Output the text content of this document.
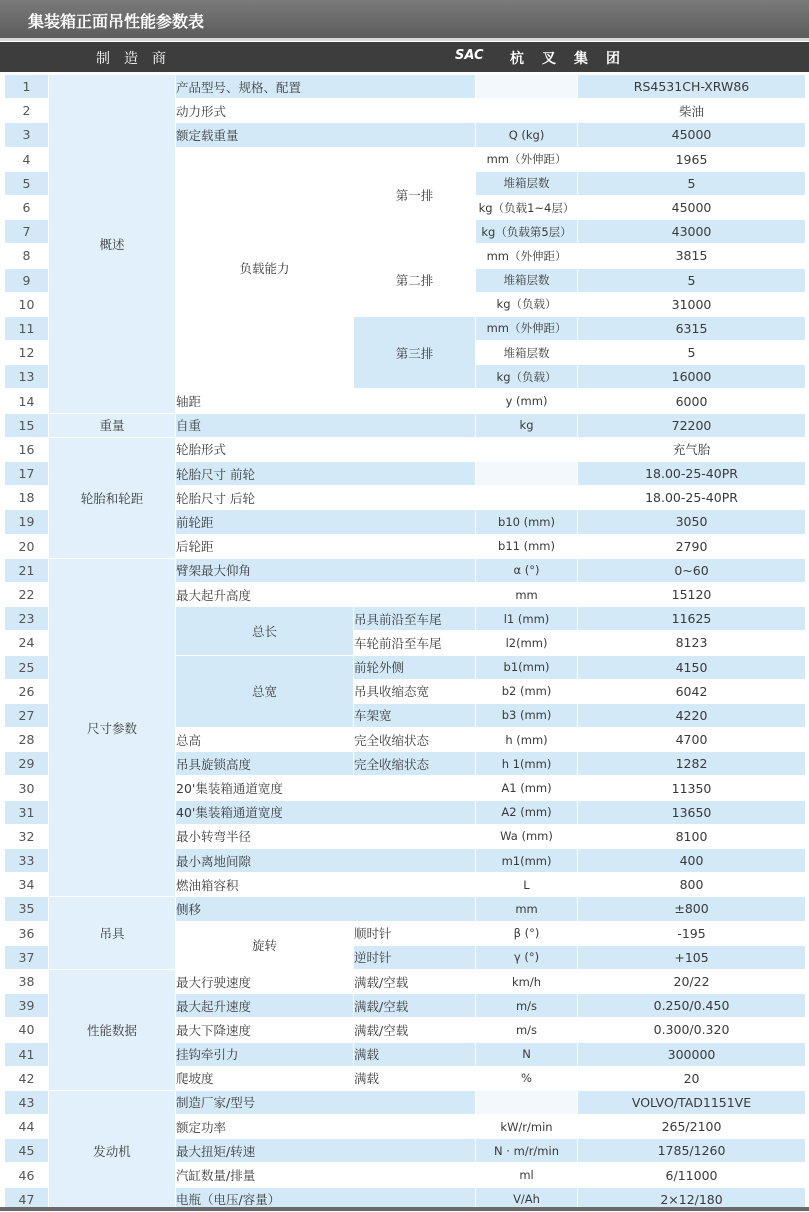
集装箱正面吊性能参数表
制造商	SAC 杭叉集团
1	概述	产品型号、规格、配置			RS4531CH-XRW86
2		动力形式			柴油
3		额定载重量		Q (kg)	45000
4		负载能力	第一排	mm（外伸距）	1965
5				堆箱层数	5
6				kg（负载1~4层）	45000
7				kg（负载第5层）	43000
8			第二排	mm（外伸距）	3815
9				堆箱层数	5
10				kg（负载）	31000
11			第三排	mm（外伸距）	6315
12				堆箱层数	5
13				kg（负载）	16000
14		轴距		y (mm)	6000
15	重量	自重		kg	72200
16	轮胎和轮距	轮胎形式			充气胎
17		轮胎尺寸 前轮			18.00-25-40PR
18		轮胎尺寸 后轮			18.00-25-40PR
19		前轮距		b10 (mm)	3050
20		后轮距		b11 (mm)	2790
21	尺寸参数	臂架最大仰角		α (°)	0~60
22		最大起升高度		mm	15120
23		总长	吊具前沿至车尾	l1 (mm)	11625
24			车轮前沿至车尾	l2(mm)	8123
25		总宽	前轮外侧	b1(mm)	4150
26			吊具收缩态宽	b2 (mm)	6042
27			车架宽	b3 (mm)	4220
28		总高	完全收缩状态	h (mm)	4700
29		吊具旋锁高度	完全收缩状态	h 1(mm)	1282
30		20'集装箱通道宽度		A1 (mm)	11350
31		40'集装箱通道宽度		A2 (mm)	13650
32		最小转弯半径		Wa (mm)	8100
33		最小离地间隙		m1(mm)	400
34		燃油箱容积		L	800
35	吊具	侧移		mm	±800
36		旋转	顺时针	β (°)	-195
37			逆时针	γ (°)	+105
38	性能数据	最大行驶速度	满载/空载	km/h	20/22
39		最大起升速度	满载/空载	m/s	0.250/0.450
40		最大下降速度	满载/空载	m/s	0.300/0.320
41		挂钩牵引力	满载	N	300000
42		爬坡度	满载	%	20
43	发动机	制造厂家/型号			VOLVO/TAD1151VE
44		额定功率		kW/r/min	265/2100
45		最大扭矩/转速		N · m/r/min	1785/1260
46		汽缸数量/排量		ml	6/11000
47		电瓶（电压/容量）		V/Ah	2×12/180
